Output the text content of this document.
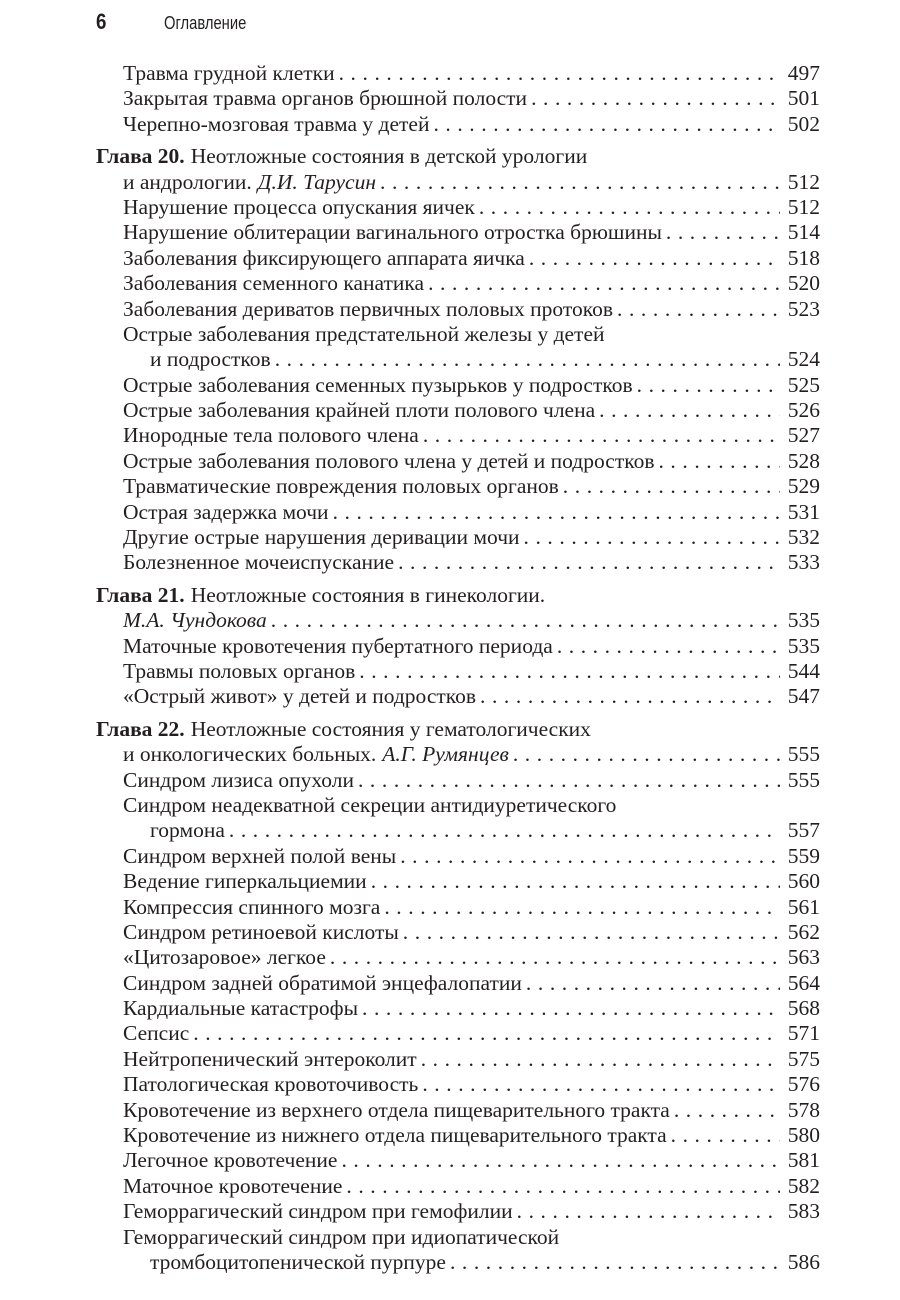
6	Оглавление
Травма грудной клетки . . .	497
Закрытая травма органов брюшной полости . . .	501
Черепно-мозговая травма у детей . . .	502
Глава 20. Неотложные состояния в детской урологии
и андрологии. Д.И. Тарусин . . .	512
Нарушение процесса опускания яичек . . .	512
Нарушение облитерации вагинального отростка брюшины . . .	514
Заболевания фиксирующего аппарата яичка . . .	518
Заболевания семенного канатика . . .	520
Заболевания дериватов первичных половых протоков . . .	523
Острые заболевания предстательной железы у детей
и подростков . . .	524
Острые заболевания семенных пузырьков у подростков . . .	525
Острые заболевания крайней плоти полового члена . . .	526
Инородные тела полового члена . . .	527
Острые заболевания полового члена у детей и подростков . . .	528
Травматические повреждения половых органов . . .	529
Острая задержка мочи . . .	531
Другие острые нарушения деривации мочи . . .	532
Болезненное мочеиспускание . . .	533
Глава 21. Неотложные состояния в гинекологии.
М.А. Чундокова . . .	535
Маточные кровотечения пубертатного периода . . .	535
Травмы половых органов . . .	544
«Острый живот» у детей и подростков . . .	547
Глава 22. Неотложные состояния у гематологических
и онкологических больных. А.Г. Румянцев . . .	555
Синдром лизиса опухоли . . .	555
Синдром неадекватной секреции антидиуретического
гормона . . .	557
Синдром верхней полой вены . . .	559
Ведение гиперкальциемии . . .	560
Компрессия спинного мозга . . .	561
Синдром ретиноевой кислоты . . .	562
«Цитозаровое» легкое . . .	563
Синдром задней обратимой энцефалопатии . . .	564
Кардиальные катастрофы . . .	568
Сепсис . . .	571
Нейтропенический энтероколит . . .	575
Патологическая кровоточивость . . .	576
Кровотечение из верхнего отдела пищеварительного тракта . . .	578
Кровотечение из нижнего отдела пищеварительного тракта . . .	580
Легочное кровотечение . . .	581
Маточное кровотечение . . .	582
Геморрагический синдром при гемофилии . . .	583
Геморрагический синдром при идиопатической
тромбоцитопенической пурпуре . . .	586
